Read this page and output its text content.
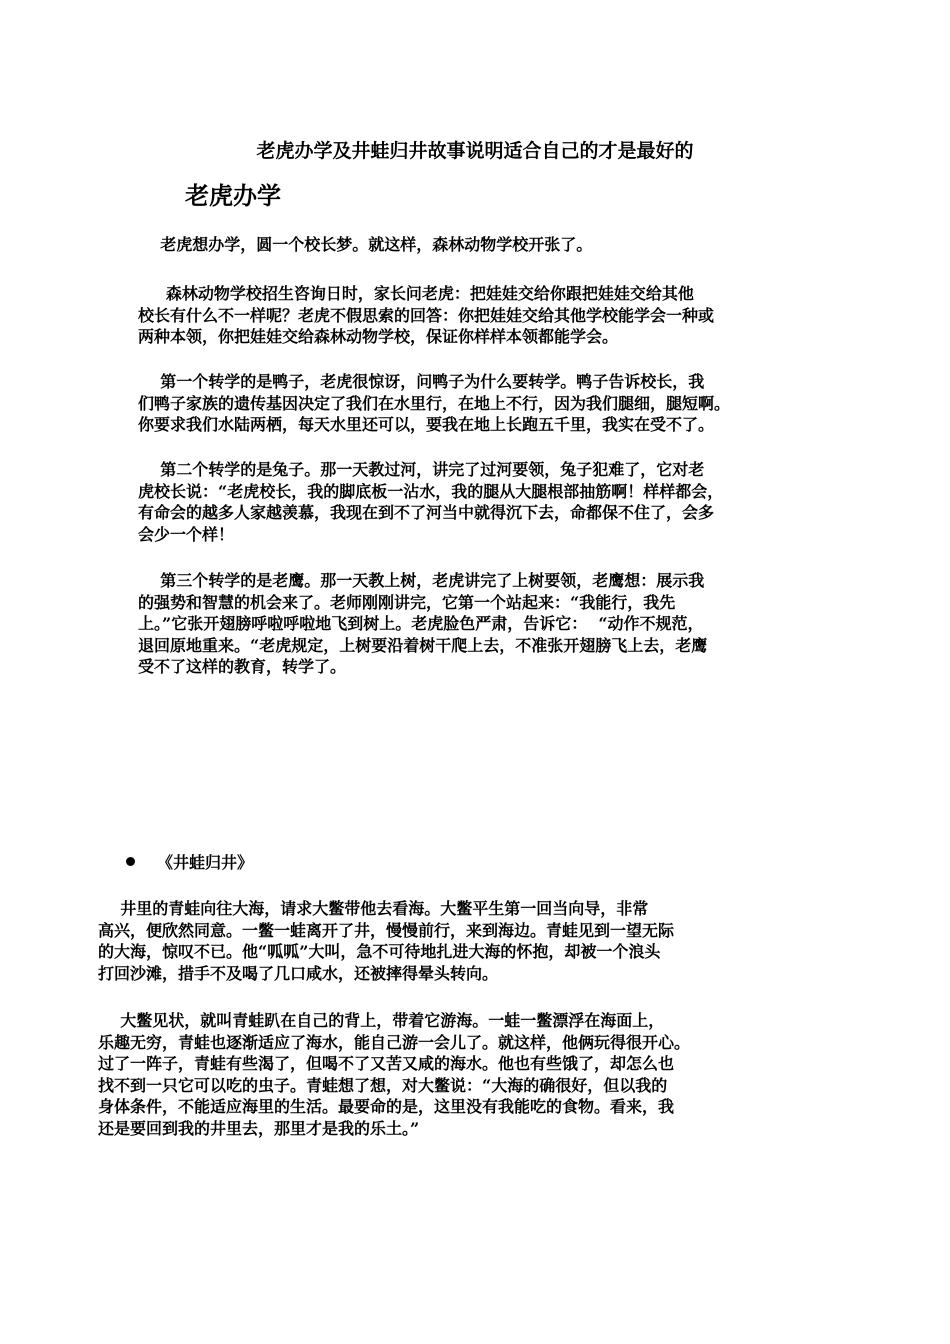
老虎办学及井蛙归井故事说明适合自己的才是最好的
老虎办学

老虎想办学，圆一个校长梦。就这样，森林动物学校开张了。

森林动物学校招生咨询日时，家长问老虎：把娃娃交给你跟把娃娃交给其他
校长有什么不一样呢？老虎不假思索的回答：你把娃娃交给其他学校能学会一种或
两种本领，你把娃娃交给森林动物学校，保证你样样本领都能学会。

第一个转学的是鸭子，老虎很惊讶，问鸭子为什么要转学。鸭子告诉校长，我
们鸭子家族的遗传基因决定了我们在水里行，在地上不行，因为我们腿细，腿短啊。
你要求我们水陆两栖，每天水里还可以，要我在地上长跑五千里，我实在受不了。

第二个转学的是兔子。那一天教过河，讲完了过河要领，兔子犯难了，它对老
虎校长说：“老虎校长，我的脚底板一沾水，我的腿从大腿根部抽筋啊！样样都会，
有命会的越多人家越羡慕，我现在到不了河当中就得沉下去，命都保不住了，会多
会少一个样！

第三个转学的是老鹰。那一天教上树，老虎讲完了上树要领，老鹰想：展示我
的强势和智慧的机会来了。老师刚刚讲完，它第一个站起来：“我能行，我先
上。”它张开翅膀呼啦呼啦地飞到树上。老虎脸色严肃，告诉它：  “动作不规范，
退回原地重来。“老虎规定，上树要沿着树干爬上去，不准张开翅膀飞上去，老鹰
受不了这样的教育，转学了。

《井蛙归井》

井里的青蛙向往大海，请求大鳖带他去看海。大鳖平生第一回当向导，非常
高兴，便欣然同意。一鳖一蛙离开了井，慢慢前行，来到海边。青蛙见到一望无际
的大海，惊叹不已。他“呱呱”大叫，急不可待地扎进大海的怀抱，却被一个浪头
打回沙滩，措手不及喝了几口咸水，还被摔得晕头转向。

大鳖见状，就叫青蛙趴在自己的背上，带着它游海。一蛙一鳖漂浮在海面上，
乐趣无穷，青蛙也逐渐适应了海水，能自己游一会儿了。就这样，他俩玩得很开心。
过了一阵子，青蛙有些渴了，但喝不了又苦又咸的海水。他也有些饿了，却怎么也
找不到一只它可以吃的虫子。青蛙想了想，对大鳖说：“大海的确很好，但以我的
身体条件，不能适应海里的生活。最要命的是，这里没有我能吃的食物。看来，我
还是要回到我的井里去，那里才是我的乐土。”
